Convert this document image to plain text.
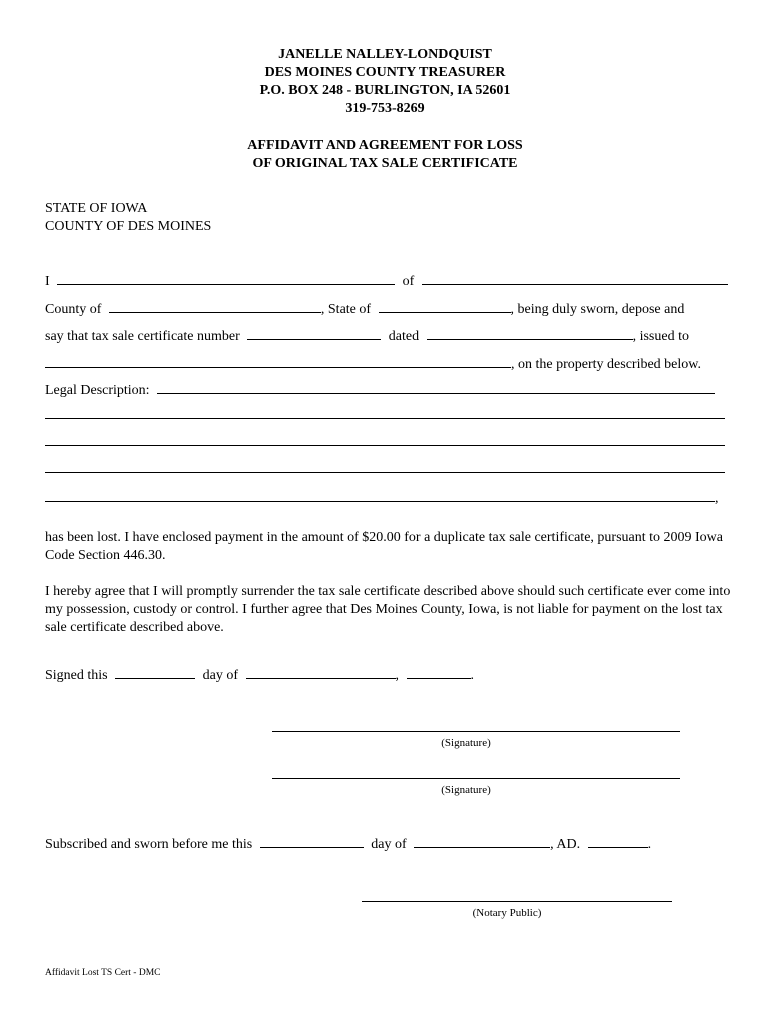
JANELLE NALLEY-LONDQUIST
DES MOINES COUNTY TREASURER
P.O. BOX 248 - BURLINGTON, IA 52601
319-753-8269
AFFIDAVIT AND AGREEMENT FOR LOSS
OF ORIGINAL TAX SALE CERTIFICATE
STATE OF IOWA
COUNTY OF DES MOINES
I	of
County of	, State of	, being duly sworn, depose and
say that tax sale certificate number	dated	, issued to
, on the property described below.
Legal Description:
,
has been lost. I have enclosed payment in the amount of $20.00 for a duplicate tax sale certificate, pursuant to 2009 Iowa Code Section 446.30.
I hereby agree that I will promptly surrender the tax sale certificate described above should such certificate ever come into my possession, custody or control. I further agree that Des Moines County, Iowa, is not liable for payment on the lost tax sale certificate described above.
Signed this	day of	,	.
(Signature)
(Signature)
Subscribed and sworn before me this	day of	, AD.	.
(Notary Public)
Affidavit Lost TS Cert - DMC
